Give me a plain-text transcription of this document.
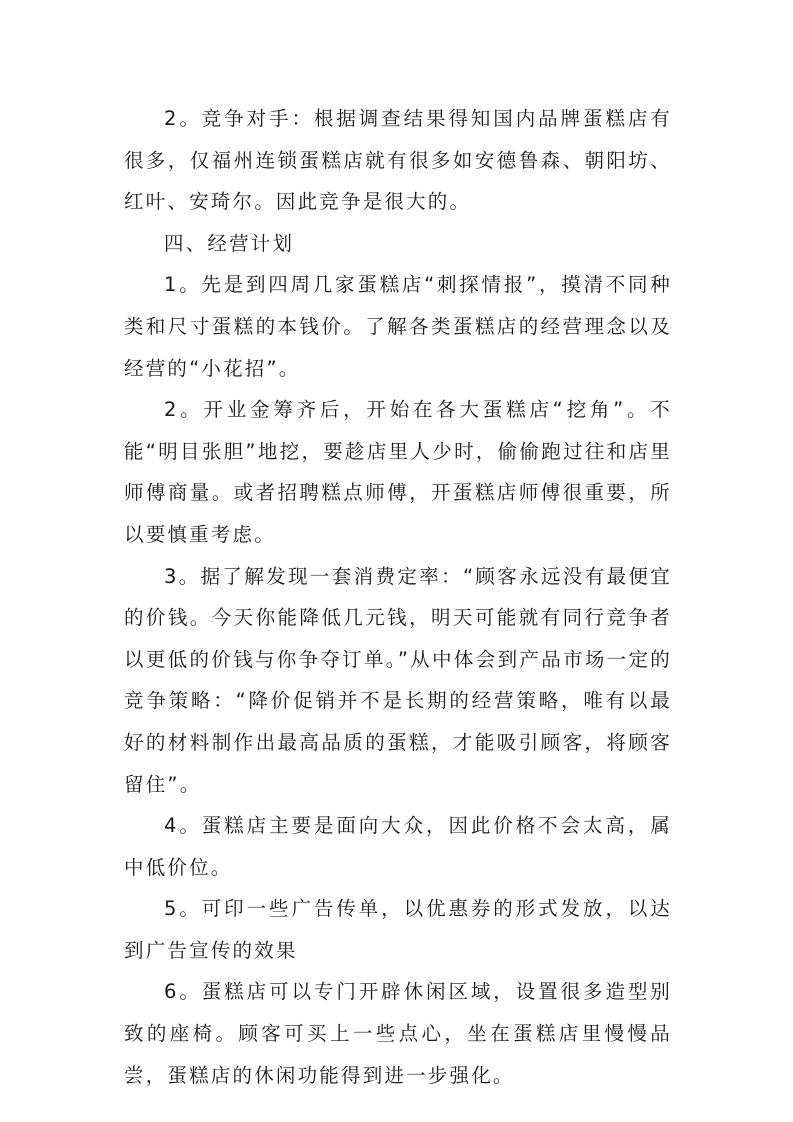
2。竞争对手：根据调查结果得知国内品牌蛋糕店有很多，仅福州连锁蛋糕店就有很多如安德鲁森、朝阳坊、红叶、安琦尔。因此竞争是很大的。

四、经营计划

1。先是到四周几家蛋糕店“刺探情报”，摸清不同种类和尺寸蛋糕的本钱价。了解各类蛋糕店的经营理念以及经营的“小花招”。

2。开业金筹齐后，开始在各大蛋糕店“挖角”。不能“明目张胆”地挖，要趁店里人少时，偷偷跑过往和店里师傅商量。或者招聘糕点师傅，开蛋糕店师傅很重要，所以要慎重考虑。

3。据了解发现一套消费定率：“顾客永远没有最便宜的价钱。今天你能降低几元钱，明天可能就有同行竞争者以更低的价钱与你争夺订单。”从中体会到产品市场一定的竞争策略：“降价促销并不是长期的经营策略，唯有以最好的材料制作出最高品质的蛋糕，才能吸引顾客，将顾客留住”。

4。蛋糕店主要是面向大众，因此价格不会太高，属中低价位。

5。可印一些广告传单，以优惠券的形式发放，以达到广告宣传的效果

6。蛋糕店可以专门开辟休闲区域，设置很多造型别致的座椅。顾客可买上一些点心，坐在蛋糕店里慢慢品尝，蛋糕店的休闲功能得到进一步强化。
